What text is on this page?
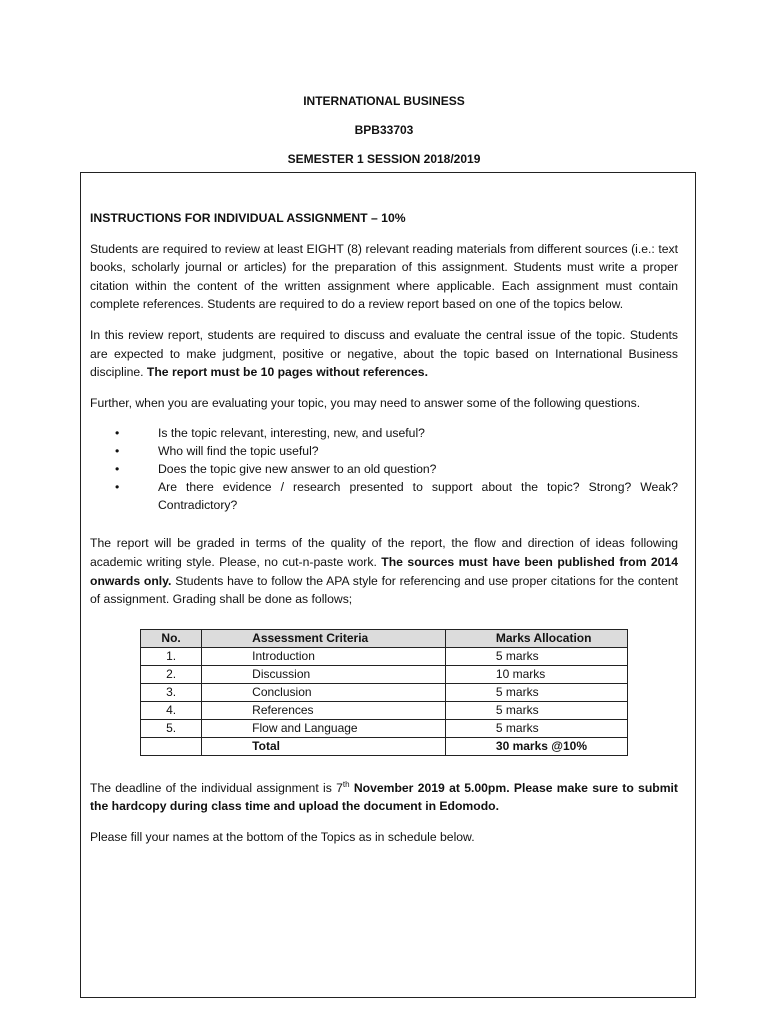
INTERNATIONAL BUSINESS
BPB33703
SEMESTER 1 SESSION 2018/2019

INSTRUCTIONS FOR INDIVIDUAL ASSIGNMENT – 10%

Students are required to review at least EIGHT (8) relevant reading materials from different sources (i.e.: text books, scholarly journal or articles) for the preparation of this assignment. Students must write a proper citation within the content of the written assignment where applicable. Each assignment must contain complete references. Students are required to do a review report based on one of the topics below.

In this review report, students are required to discuss and evaluate the central issue of the topic. Students are expected to make judgment, positive or negative, about the topic based on International Business discipline. The report must be 10 pages without references.

Further, when you are evaluating your topic, you may need to answer some of the following questions.

• Is the topic relevant, interesting, new, and useful?
• Who will find the topic useful?
• Does the topic give new answer to an old question?
• Are there evidence / research presented to support about the topic? Strong? Weak? Contradictory?

The report will be graded in terms of the quality of the report, the flow and direction of ideas following academic writing style. Please, no cut-n-paste work. The sources must have been published from 2014 onwards only. Students have to follow the APA style for referencing and use proper citations for the content of assignment. Grading shall be done as follows;

No.	Assessment Criteria	Marks Allocation
1.	Introduction	5 marks
2.	Discussion	10 marks
3.	Conclusion	5 marks
4.	References	5 marks
5.	Flow and Language	5 marks
	Total	30 marks @10%

The deadline of the individual assignment is 7th November 2019 at 5.00pm. Please make sure to submit the hardcopy during class time and upload the document in Edomodo.

Please fill your names at the bottom of the Topics as in schedule below.
